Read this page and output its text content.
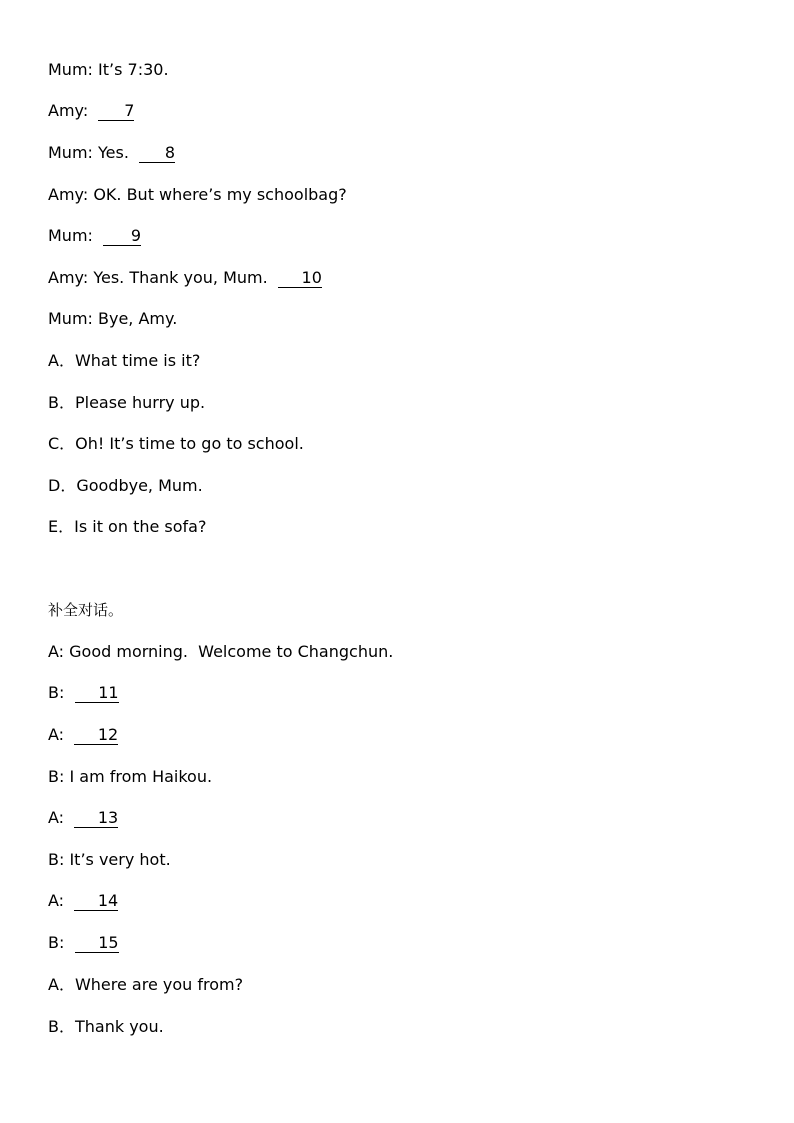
Mum: It’s 7:30.
Amy: 7
Mum: Yes.  8
Amy: OK. But where’s my schoolbag?
Mum: 9
Amy: Yes. Thank you, Mum.  10
Mum: Bye, Amy.
A．What time is it?
B．Please hurry up.
C．Oh! It’s time to go to school.
D．Goodbye, Mum.
E．Is it on the sofa?
补全对话。
A: Good morning.  Welcome to Changchun.
B: 11
A: 12
B: I am from Haikou.
A: 13
B: It’s very hot.
A: 14
B: 15
A．Where are you from?
B．Thank you.
